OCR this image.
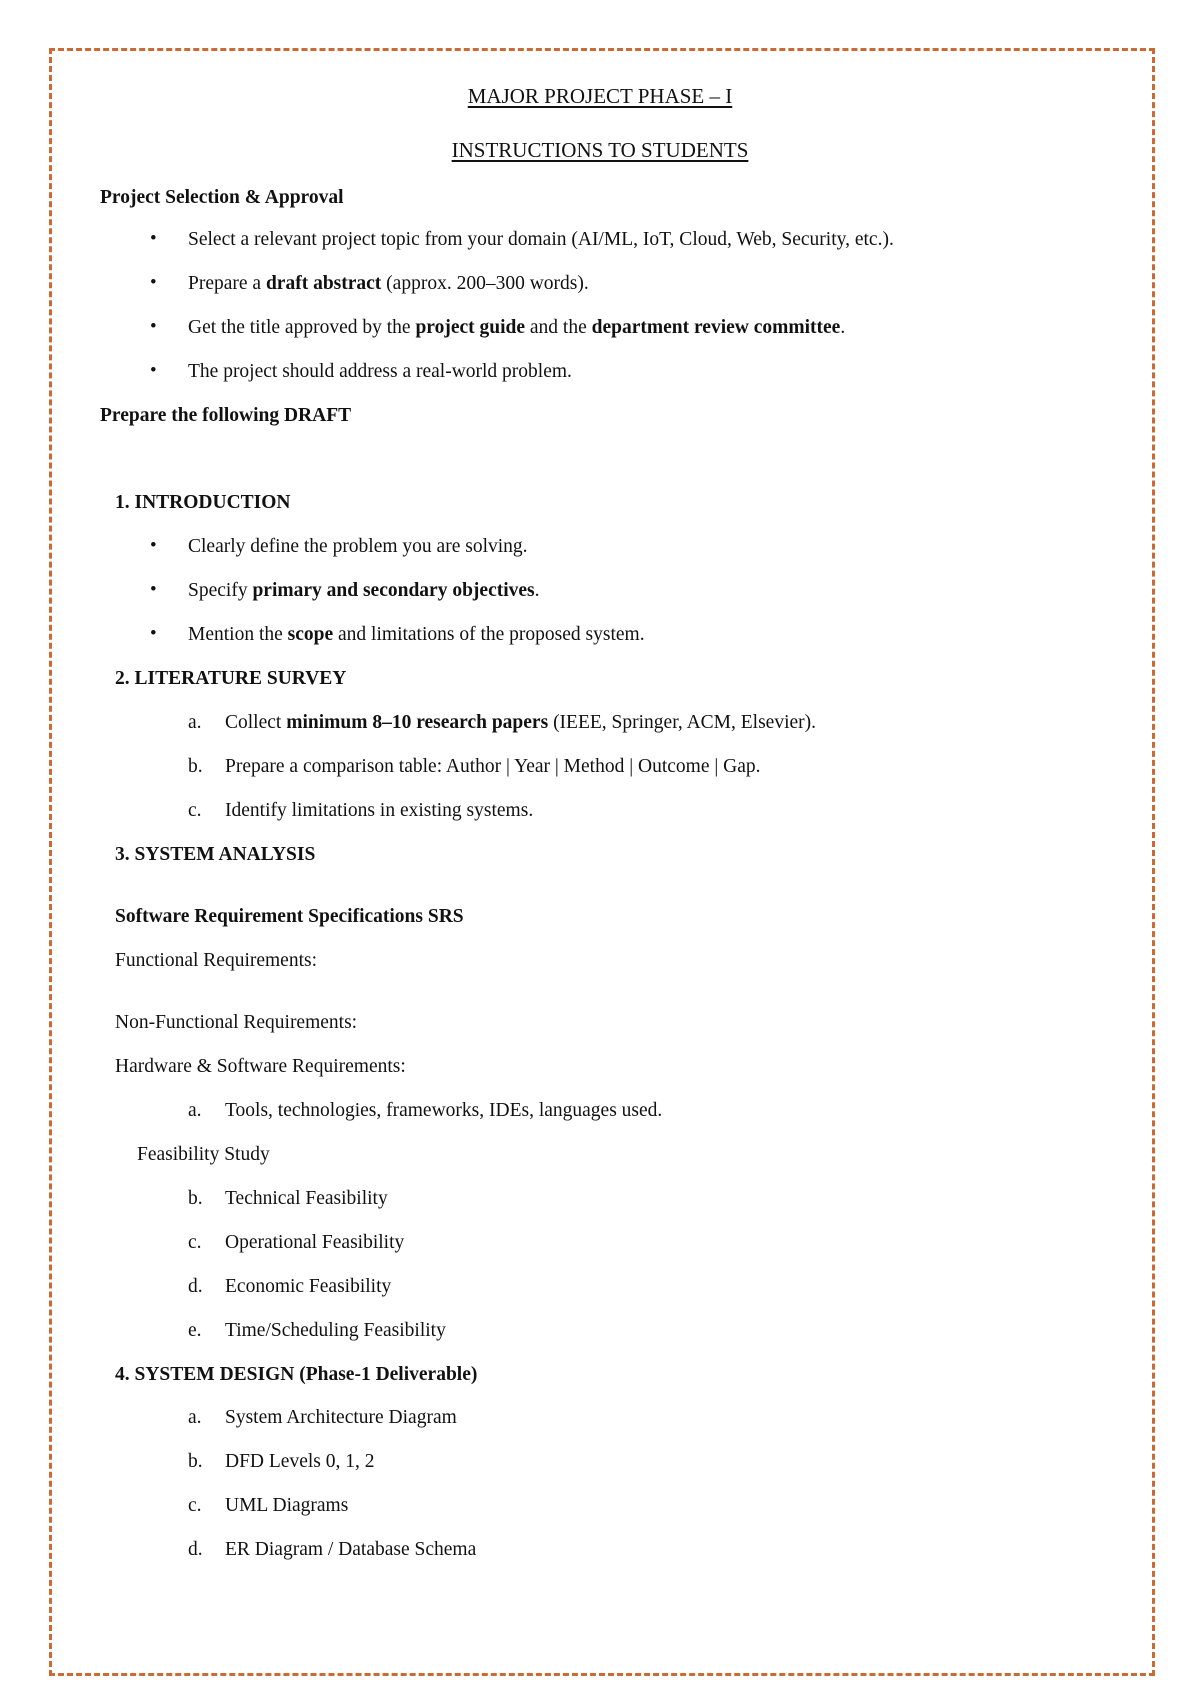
MAJOR PROJECT PHASE – I
INSTRUCTIONS TO STUDENTS
Project Selection & Approval
• Select a relevant project topic from your domain (AI/ML, IoT, Cloud, Web, Security, etc.).
• Prepare a draft abstract (approx. 200–300 words).
• Get the title approved by the project guide and the department review committee.
• The project should address a real-world problem.
Prepare the following DRAFT
1. INTRODUCTION
• Clearly define the problem you are solving.
• Specify primary and secondary objectives.
• Mention the scope and limitations of the proposed system.
2. LITERATURE SURVEY
a. Collect minimum 8–10 research papers (IEEE, Springer, ACM, Elsevier).
b. Prepare a comparison table: Author | Year | Method | Outcome | Gap.
c. Identify limitations in existing systems.
3. SYSTEM ANALYSIS
Software Requirement Specifications SRS
Functional Requirements:
Non-Functional Requirements:
Hardware & Software Requirements:
a. Tools, technologies, frameworks, IDEs, languages used.
Feasibility Study
b. Technical Feasibility
c. Operational Feasibility
d. Economic Feasibility
e. Time/Scheduling Feasibility
4. SYSTEM DESIGN (Phase-1 Deliverable)
a. System Architecture Diagram
b. DFD Levels 0, 1, 2
c. UML Diagrams
d. ER Diagram / Database Schema
